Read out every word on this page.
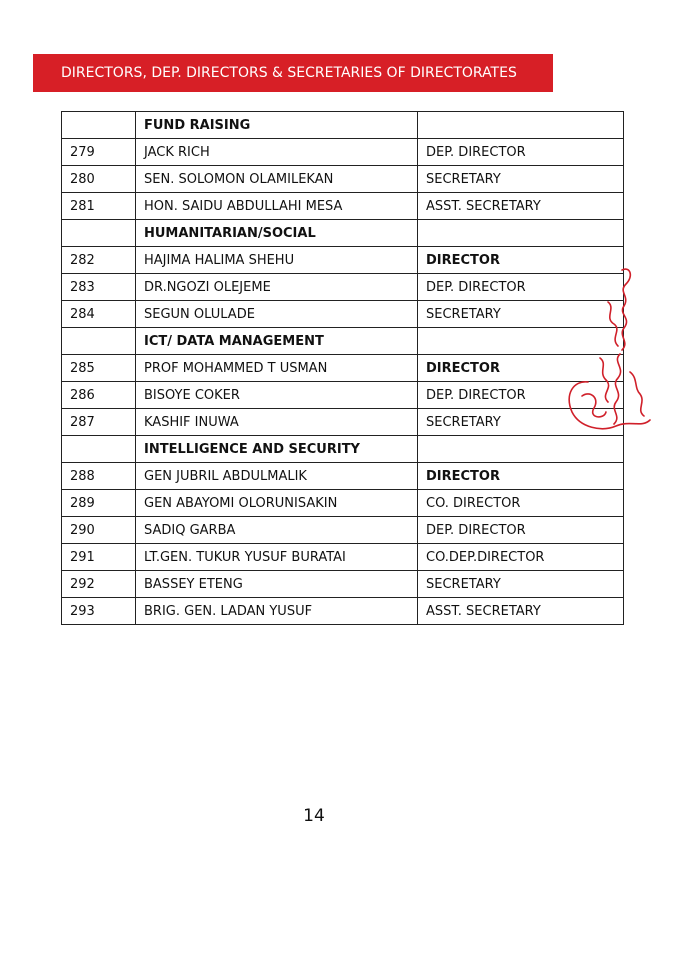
DIRECTORS, DEP. DIRECTORS & SECRETARIES OF DIRECTORATES
	FUND RAISING	
279	JACK RICH	DEP. DIRECTOR
280	SEN. SOLOMON OLAMILEKAN	SECRETARY
281	HON. SAIDU ABDULLAHI MESA	ASST. SECRETARY
	HUMANITARIAN/SOCIAL	
282	HAJIMA HALIMA SHEHU	DIRECTOR
283	DR.NGOZI OLEJEME	DEP. DIRECTOR
284	SEGUN OLULADE	SECRETARY
	ICT/ DATA MANAGEMENT	
285	PROF MOHAMMED T USMAN	DIRECTOR
286	BISOYE COKER	DEP. DIRECTOR
287	KASHIF INUWA	SECRETARY
	INTELLIGENCE AND SECURITY	
288	GEN JUBRIL ABDULMALIK	DIRECTOR
289	GEN ABAYOMI OLORUNISAKIN	CO. DIRECTOR
290	SADIQ GARBA	DEP. DIRECTOR
291	LT.GEN. TUKUR YUSUF BURATAI	CO.DEP.DIRECTOR
292	BASSEY ETENG	SECRETARY
293	BRIG. GEN. LADAN YUSUF	ASST. SECRETARY
14
